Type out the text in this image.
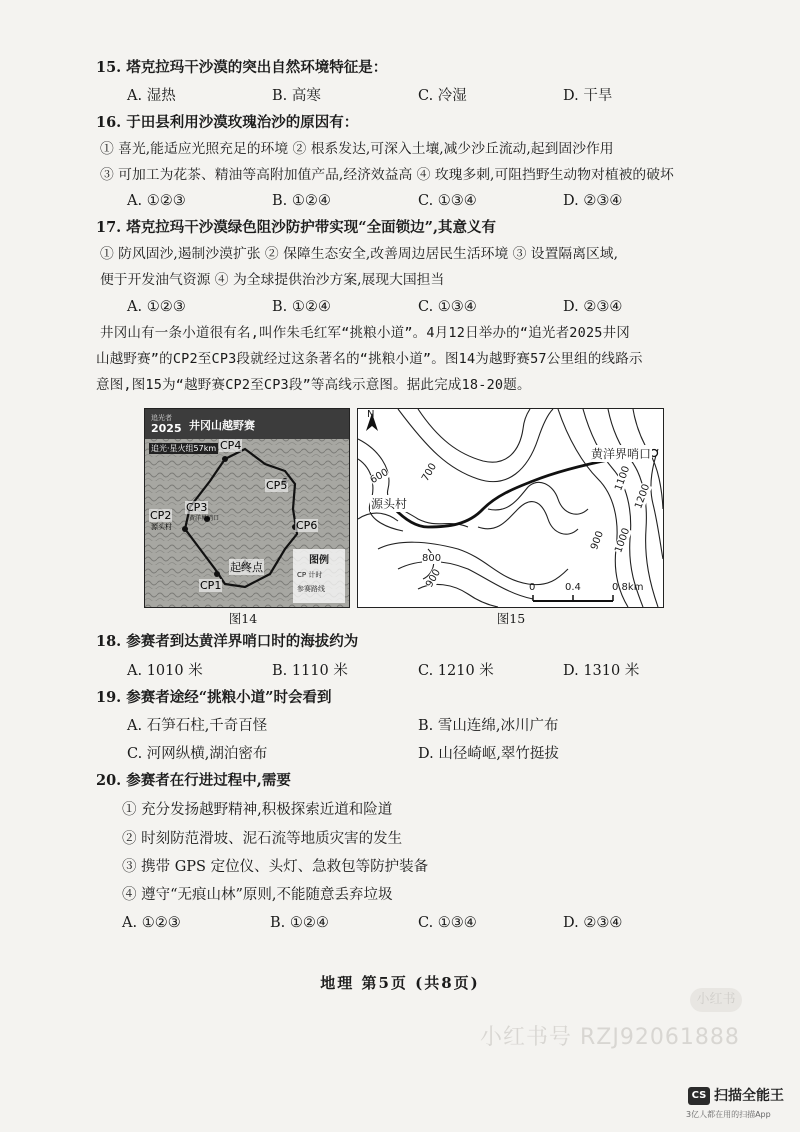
15. 塔克拉玛干沙漠的突出自然环境特征是：
A. 湿热	B. 高寒	C. 冷湿	D. 干旱
16. 于田县利用沙漠玫瑰治沙的原因有：
① 喜光,能适应光照充足的环境 ② 根系发达,可深入土壤,减少沙丘流动,起到固沙作用
③ 可加工为花茶、精油等高附加值产品,经济效益高 ④ 玫瑰多刺,可阻挡野生动物对植被的破坏
A. ①②③	B. ①②④	C. ①③④	D. ②③④
17. 塔克拉玛干沙漠绿色阻沙防护带实现“全面锁边”,其意义有
① 防风固沙,遏制沙漠扩张 ② 保障生态安全,改善周边居民生活环境 ③ 设置隔离区域,
便于开发油气资源 ④ 为全球提供治沙方案,展现大国担当
A. ①②③	B. ①②④	C. ①③④	D. ②③④
井冈山有一条小道很有名,叫作朱毛红军“挑粮小道”。4月12日举办的“追光者2025井冈
山越野赛”的CP2至CP3段就经过这条著名的“挑粮小道”。图14为越野赛57公里组的线路示
意图,图15为“越野赛CP2至CP3段”等高线示意图。据此完成18-20题。
追光者
2025 井冈山越野赛
追光·星火组57km CP4
CP5
CP6
CP3
黄洋界哨口
CP2
源头村
CP1
起终点
图例
CP 计时
参赛路线
图14
N
源头村
黄洋界哨口
600	700
800
900
1000
1100
1200
900
0	0.4	0.8km
图15
18. 参赛者到达黄洋界哨口时的海拔约为
A. 1010 米	B. 1110 米	C. 1210 米	D. 1310 米
19. 参赛者途经“挑粮小道”时会看到
A. 石笋石柱,千奇百怪	B. 雪山连绵,冰川广布
C. 河网纵横,湖泊密布	D. 山径崎岖,翠竹挺拔
20. 参赛者在行进过程中,需要
① 充分发扬越野精神,积极探索近道和险道
② 时刻防范滑坡、泥石流等地质灾害的发生
③ 携带 GPS 定位仪、头灯、急救包等防护装备
④ 遵守“无痕山林”原则,不能随意丢弃垃圾
A. ①②③	B. ①②④	C. ①③④	D. ②③④
地理 第5页 (共8页)
小红书
小红书号 RZJ92061888
CS 扫描全能王
3亿人都在用的扫描App
